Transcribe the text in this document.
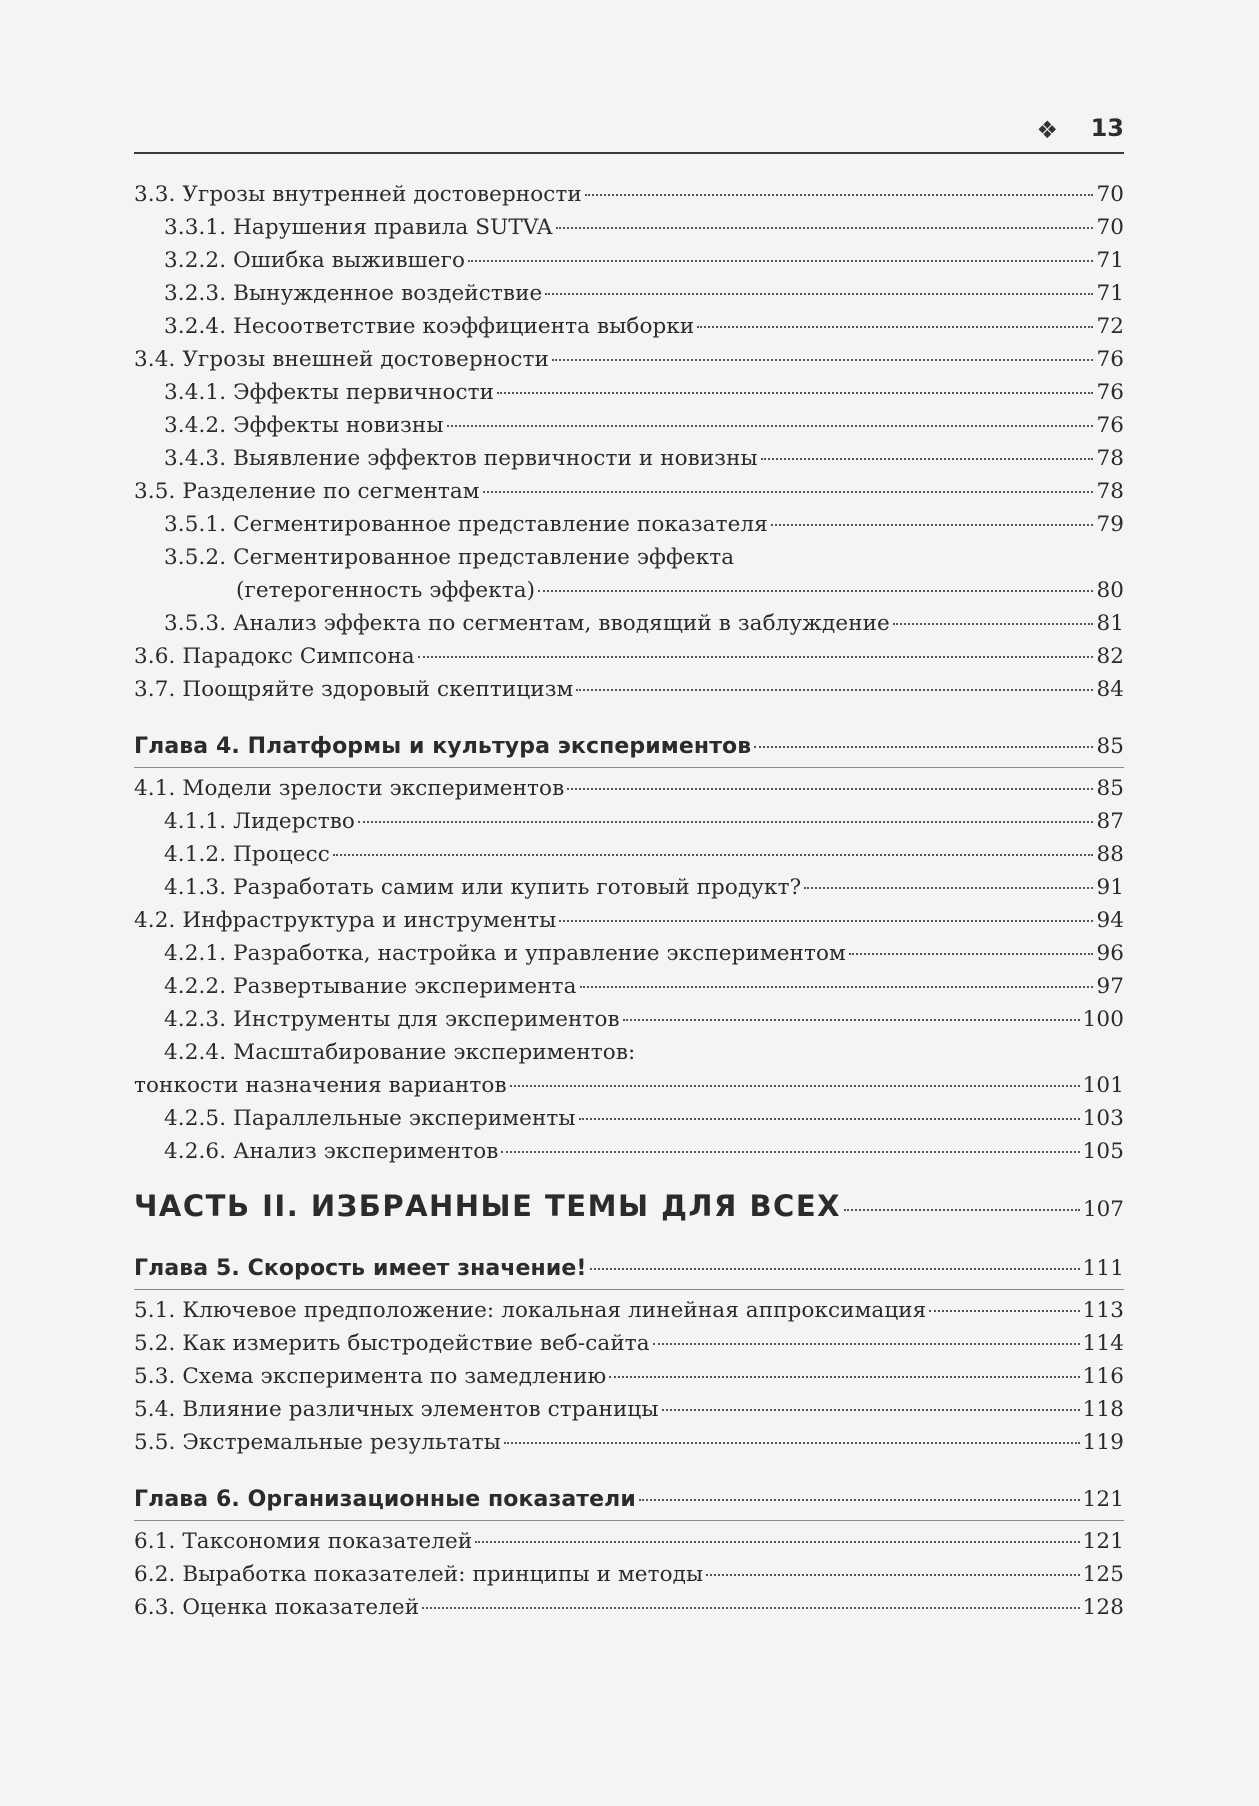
❖ 13
3.3. Угрозы внутренней достоверности	70
3.3.1. Нарушения правила SUTVA	70
3.2.2. Ошибка выжившего	71
3.2.3. Вынужденное воздействие	71
3.2.4. Несоответствие коэффициента выборки	72
3.4. Угрозы внешней достоверности	76
3.4.1. Эффекты первичности	76
3.4.2. Эффекты новизны	76
3.4.3. Выявление эффектов первичности и новизны	78
3.5. Разделение по сегментам	78
3.5.1. Сегментированное представление показателя	79
3.5.2. Сегментированное представление эффекта
(гетерогенность эффекта)	80
3.5.3. Анализ эффекта по сегментам, вводящий в заблуждение	81
3.6. Парадокс Симпсона	82
3.7. Поощряйте здоровый скептицизм	84
Глава 4. Платформы и культура экспериментов	85
4.1. Модели зрелости экспериментов	85
4.1.1. Лидерство	87
4.1.2. Процесс	88
4.1.3. Разработать самим или купить готовый продукт?	91
4.2. Инфраструктура и инструменты	94
4.2.1. Разработка, настройка и управление экспериментом	96
4.2.2. Развертывание эксперимента	97
4.2.3. Инструменты для экспериментов	100
4.2.4. Масштабирование экспериментов:
тонкости назначения вариантов	101
4.2.5. Параллельные эксперименты	103
4.2.6. Анализ экспериментов	105
ЧАСТЬ II. ИЗБРАННЫЕ ТЕМЫ ДЛЯ ВСЕХ	107
Глава 5. Скорость имеет значение!	111
5.1. Ключевое предположение: локальная линейная аппроксимация	113
5.2. Как измерить быстродействие веб-сайта	114
5.3. Схема эксперимента по замедлению	116
5.4. Влияние различных элементов страницы	118
5.5. Экстремальные результаты	119
Глава 6. Организационные показатели	121
6.1. Таксономия показателей	121
6.2. Выработка показателей: принципы и методы	125
6.3. Оценка показателей	128
